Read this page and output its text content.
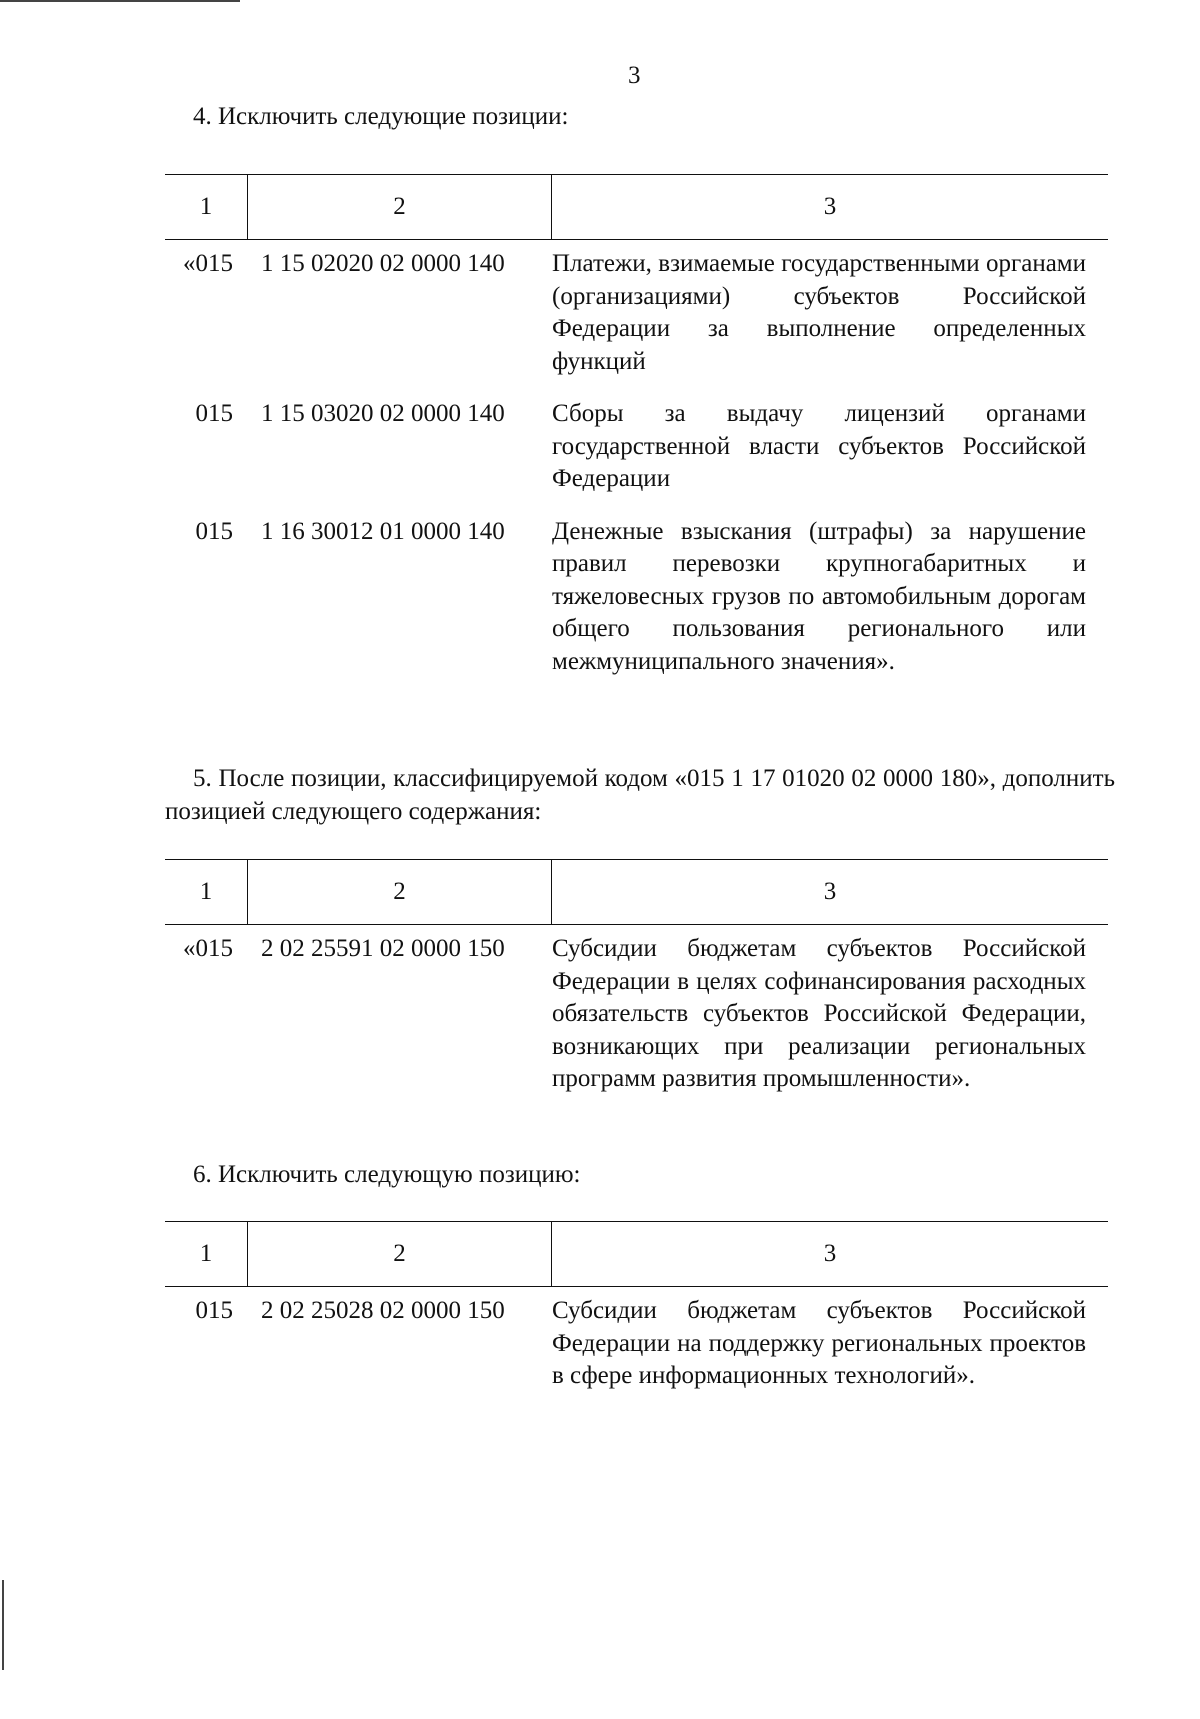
3

4. Исключить следующие позиции:

1	2	3
«015	1 15 02020 02 0000 140	Платежи, взимаемые государственными органами (организациями) субъектов Российской Федерации за выполнение определенных функций
015	1 15 03020 02 0000 140	Сборы за выдачу лицензий органами государственной власти субъектов Российской Федерации
015	1 16 30012 01 0000 140	Денежные взыскания (штрафы) за нарушение правил перевозки крупногабаритных и тяжеловесных грузов по автомобильным дорогам общего пользования регионального или межмуниципального значения».

5. После позиции, классифицируемой кодом «015 1 17 01020 02 0000 180», дополнить позицией следующего содержания:

1	2	3
«015	2 02 25591 02 0000 150	Субсидии бюджетам субъектов Российской Федерации в целях софинансирования расходных обязательств субъектов Российской Федерации, возникающих при реализации региональных программ развития промышленности».

6. Исключить следующую позицию:

1	2	3
015	2 02 25028 02 0000 150	Субсидии бюджетам субъектов Российской Федерации на поддержку региональных проектов в сфере информационных технологий».
